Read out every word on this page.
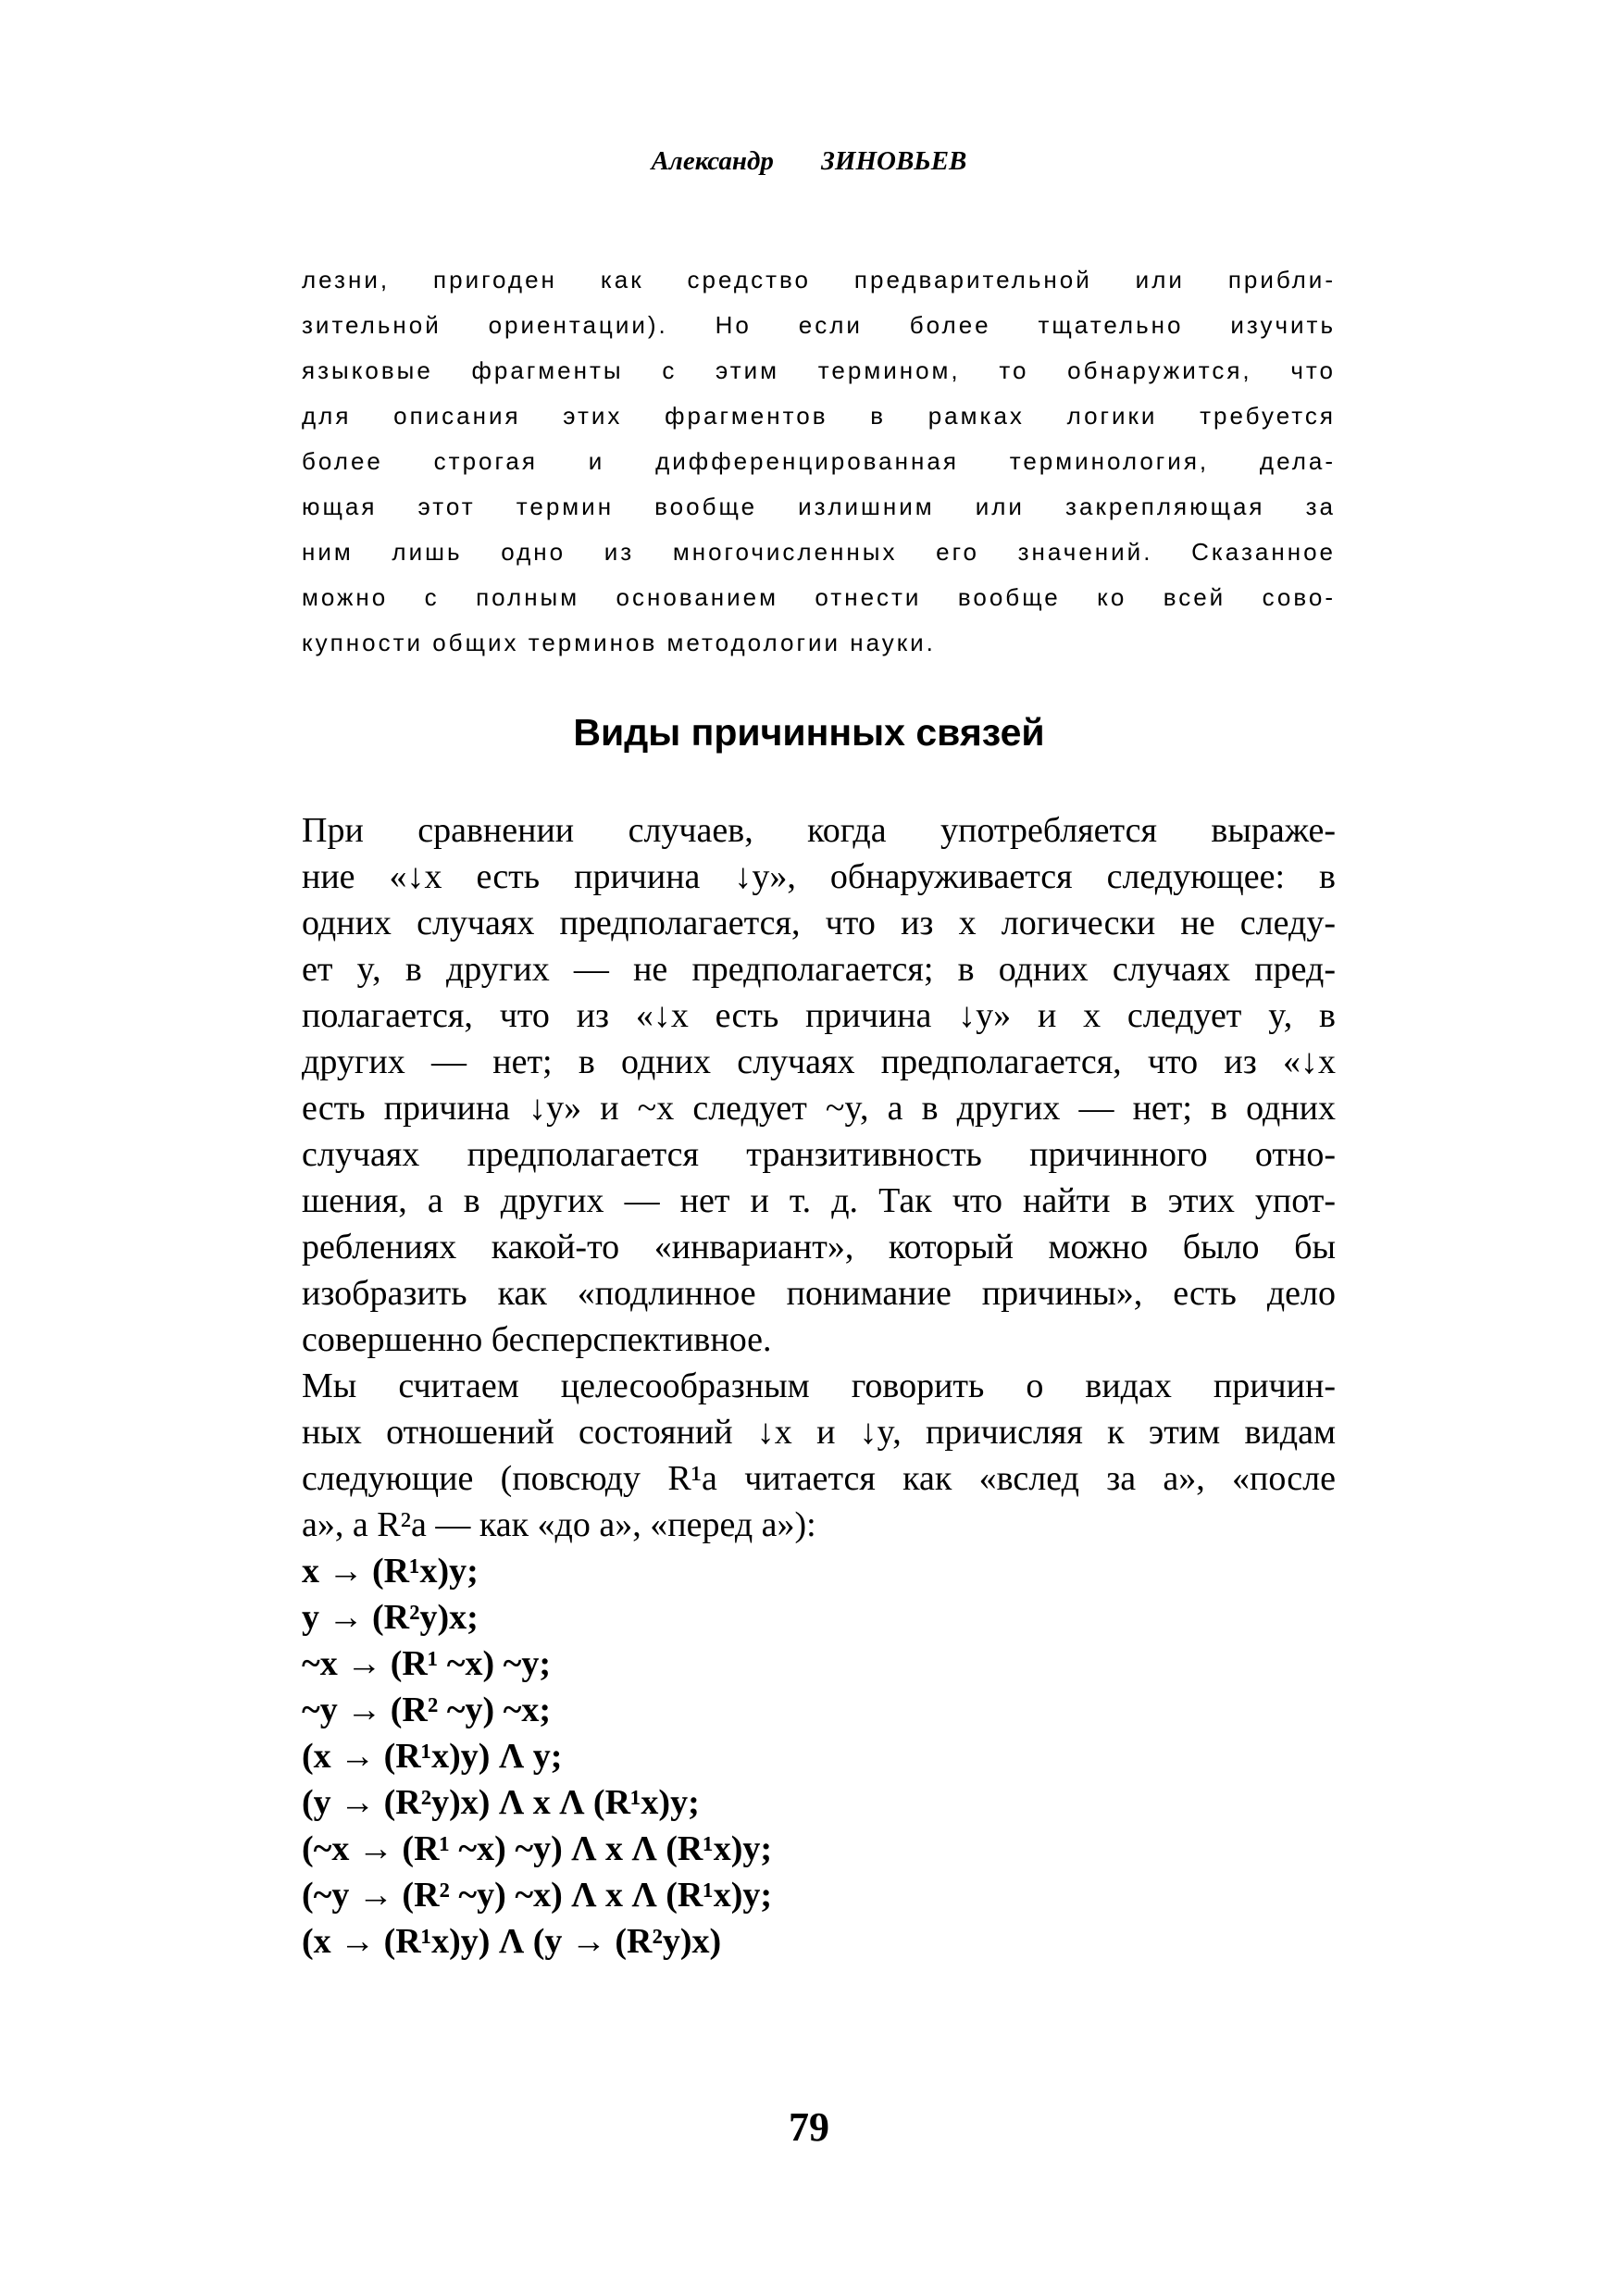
Александр ЗИНОВЬЕВ
лезни, пригоден как средство предварительной или прибли-
зительной ориентации). Но если более тщательно изучить
языковые фрагменты с этим термином, то обнаружится, что
для описания этих фрагментов в рамках логики требуется
более строгая и дифференцированная терминология, дела-
ющая этот термин вообще излишним или закрепляющая за
ним лишь одно из многочисленных его значений. Сказанное
можно с полным основанием отнести вообще ко всей сово-
купности общих терминов методологии науки.
Виды причинных связей
При сравнении случаев, когда употребляется выраже-
ние «↓x есть причина ↓y», обнаруживается следующее: в
одних случаях предполагается, что из x логически не следу-
ет y, в других — не предполагается; в одних случаях пред-
полагается, что из «↓x есть причина ↓y» и x следует y, в
других — нет; в одних случаях предполагается, что из «↓x
есть причина ↓y» и ~x следует ~y, а в других — нет; в одних
случаях предполагается транзитивность причинного отно-
шения, а в других — нет и т. д. Так что найти в этих упот-
реблениях какой-то «инвариант», который можно было бы
изобразить как «подлинное понимание причины», есть дело
совершенно бесперспективное.
Мы считаем целесообразным говорить о видах причин-
ных отношений состояний ↓x и ↓y, причисляя к этим видам
следующие (повсюду R¹a читается как «вслед за a», «после
a», а R²a — как «до a», «перед a»):
x → (R¹x)y;
y → (R²y)x;
~x → (R¹ ~x) ~y;
~y → (R² ~y) ~x;
(x → (R¹x)y) Λ y;
(y → (R²y)x) Λ x Λ (R¹x)y;
(~x → (R¹ ~x) ~y) Λ x Λ (R¹x)y;
(~y → (R² ~y) ~x) Λ x Λ (R¹x)y;
(x → (R¹x)y) Λ (y → (R²y)x)
79
